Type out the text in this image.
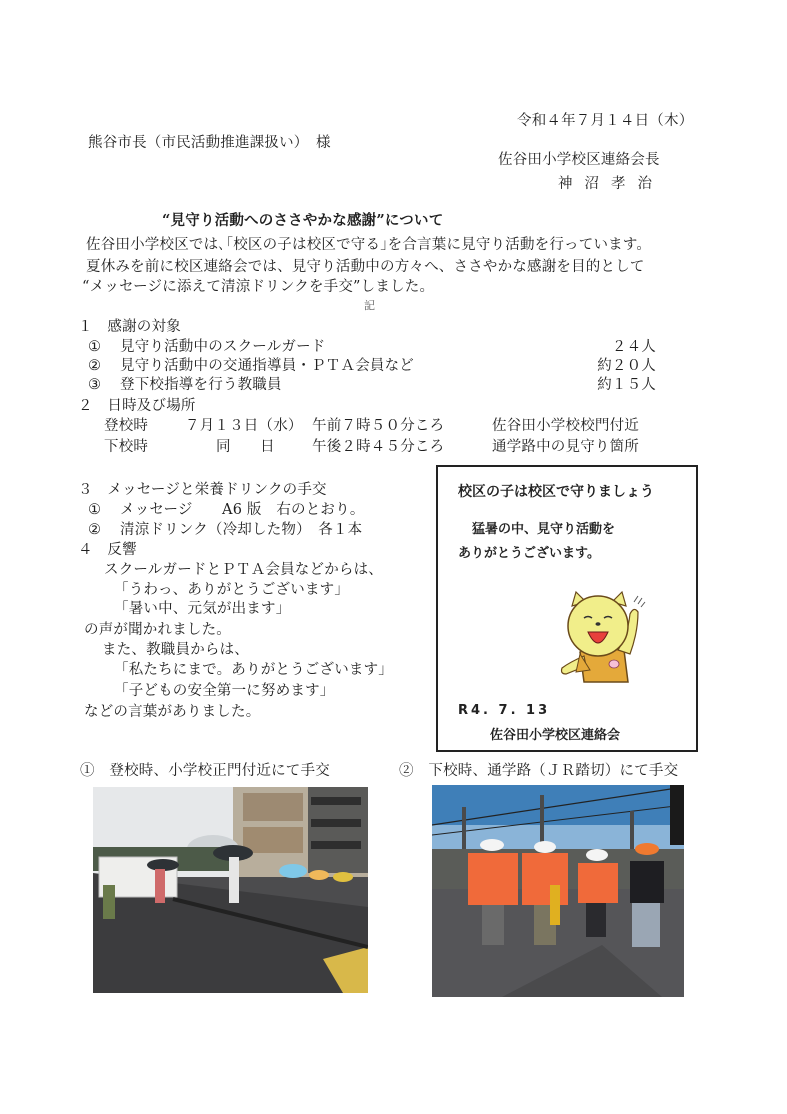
令和４年７月１４日（木）
熊谷市長（市民活動推進課扱い）　様
佐谷田小学校区連絡会長
神沼孝治
“見守り活動へのささやかな感謝”について
佐谷田小学校区では､｢校区の子は校区で守る｣を合言葉に見守り活動を行っています。
夏休みを前に校区連絡会では、見守り活動中の方々へ、ささやかな感謝を目的として
“メッセージに添えて清涼ドリンクを手交”しました。
記
１　感謝の対象
① 見守り活動中のスクールガード	２４人
② 見守り活動中の交通指導員・ＰＴＡ会員など	約２０人
③ 登下校指導を行う教職員	約１５人
２　日時及び場所
登校時	７月１３日（水） 午前７時５０分ころ	佐谷田小学校校門付近
下校時	同　　日	午後２時４５分ころ	通学路中の見守り箇所
３　メッセージと栄養ドリンクの手交
① メッセージ　　A6 版　右のとおり。
② 清涼ドリンク（冷却した物）　各１本
４　反響
スクールガードとＰＴＡ会員などからは、
「うわっ、ありがとうございます」
「暑い中、元気が出ます」
の声が聞かれました。
また、教職員からは、
「私たちにまで。ありがとうございます」
「子どもの安全第一に努めます」
などの言葉がありました。
校区の子は校区で守りましょう
猛暑の中、見守り活動を
ありがとうございます。
R4. 7. 13
佐谷田小学校区連絡会
①　登校時、小学校正門付近にて手交	②　下校時、通学路（ＪＲ踏切）にて手交
